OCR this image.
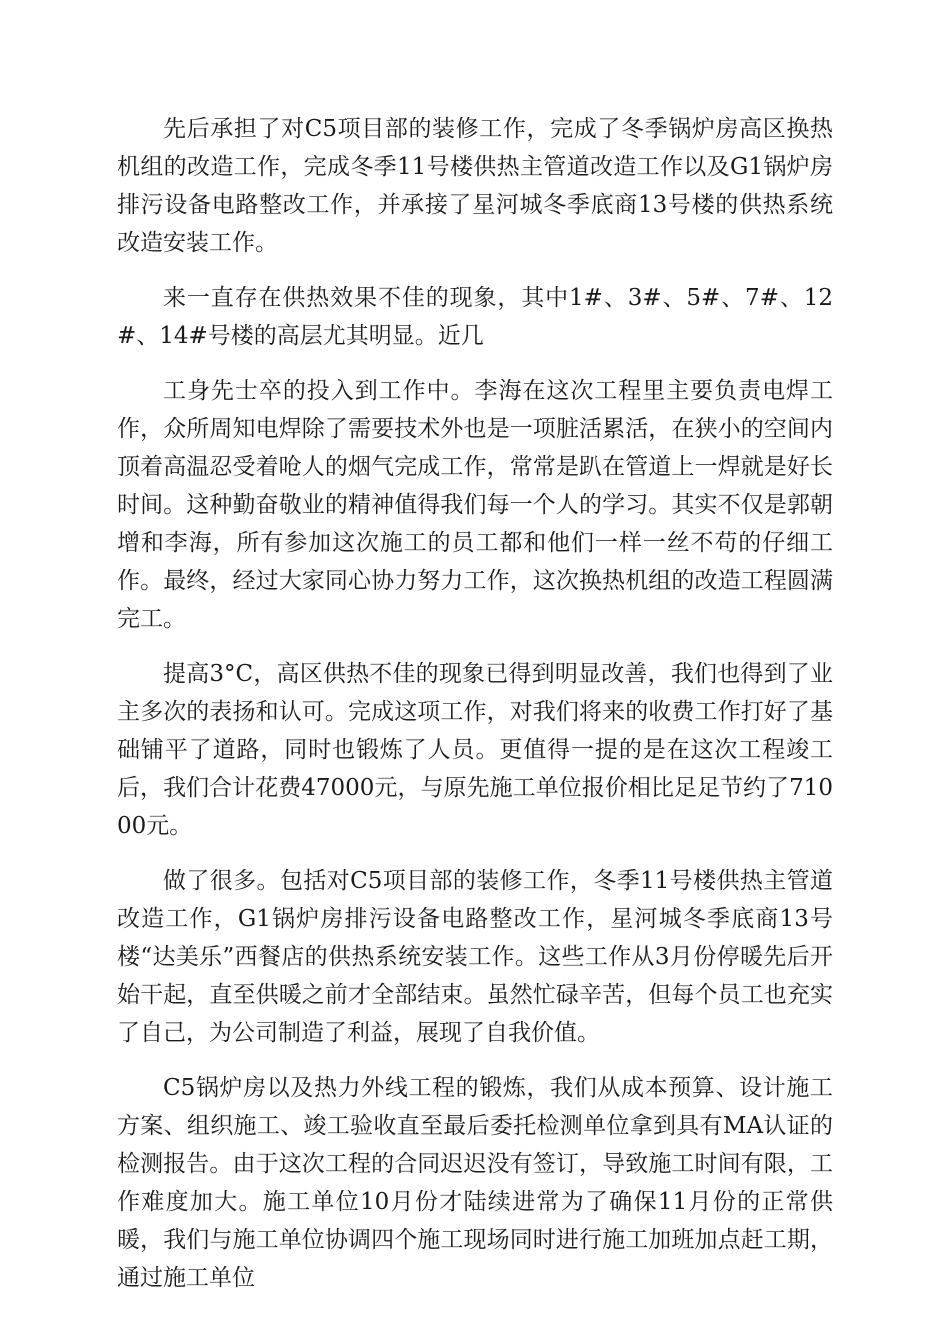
先后承担了对C5项目部的装修工作，完成了冬季锅炉房高区换热机组的改造工作，完成冬季11号楼供热主管道改造工作以及G1锅炉房排污设备电路整改工作，并承接了星河城冬季底商13号楼的供热系统改造安装工作。

来一直存在供热效果不佳的现象，其中1#、3#、5#、7#、12#、14#号楼的高层尤其明显。近几

工身先士卒的投入到工作中。李海在这次工程里主要负责电焊工作，众所周知电焊除了需要技术外也是一项脏活累活，在狭小的空间内顶着高温忍受着呛人的烟气完成工作，常常是趴在管道上一焊就是好长时间。这种勤奋敬业的精神值得我们每一个人的学习。其实不仅是郭朝增和李海，所有参加这次施工的员工都和他们一样一丝不苟的仔细工作。最终，经过大家同心协力努力工作，这次换热机组的改造工程圆满完工。

提高3°C，高区供热不佳的现象已得到明显改善，我们也得到了业主多次的表扬和认可。完成这项工作，对我们将来的收费工作打好了基础铺平了道路，同时也锻炼了人员。更值得一提的是在这次工程竣工后，我们合计花费47000元，与原先施工单位报价相比足足节约了71000元。

做了很多。包括对C5项目部的装修工作，冬季11号楼供热主管道改造工作，G1锅炉房排污设备电路整改工作，星河城冬季底商13号楼“达美乐”西餐店的供热系统安装工作。这些工作从3月份停暖先后开始干起，直至供暖之前才全部结束。虽然忙碌辛苦，但每个员工也充实了自己，为公司制造了利益，展现了自我价值。

C5锅炉房以及热力外线工程的锻炼，我们从成本预算、设计施工方案、组织施工、竣工验收直至最后委托检测单位拿到具有MA认证的检测报告。由于这次工程的合同迟迟没有签订，导致施工时间有限，工作难度加大。施工单位10月份才陆续进常为了确保11月份的正常供暖，我们与施工单位协调四个施工现场同时进行施工加班加点赶工期，通过施工单位
